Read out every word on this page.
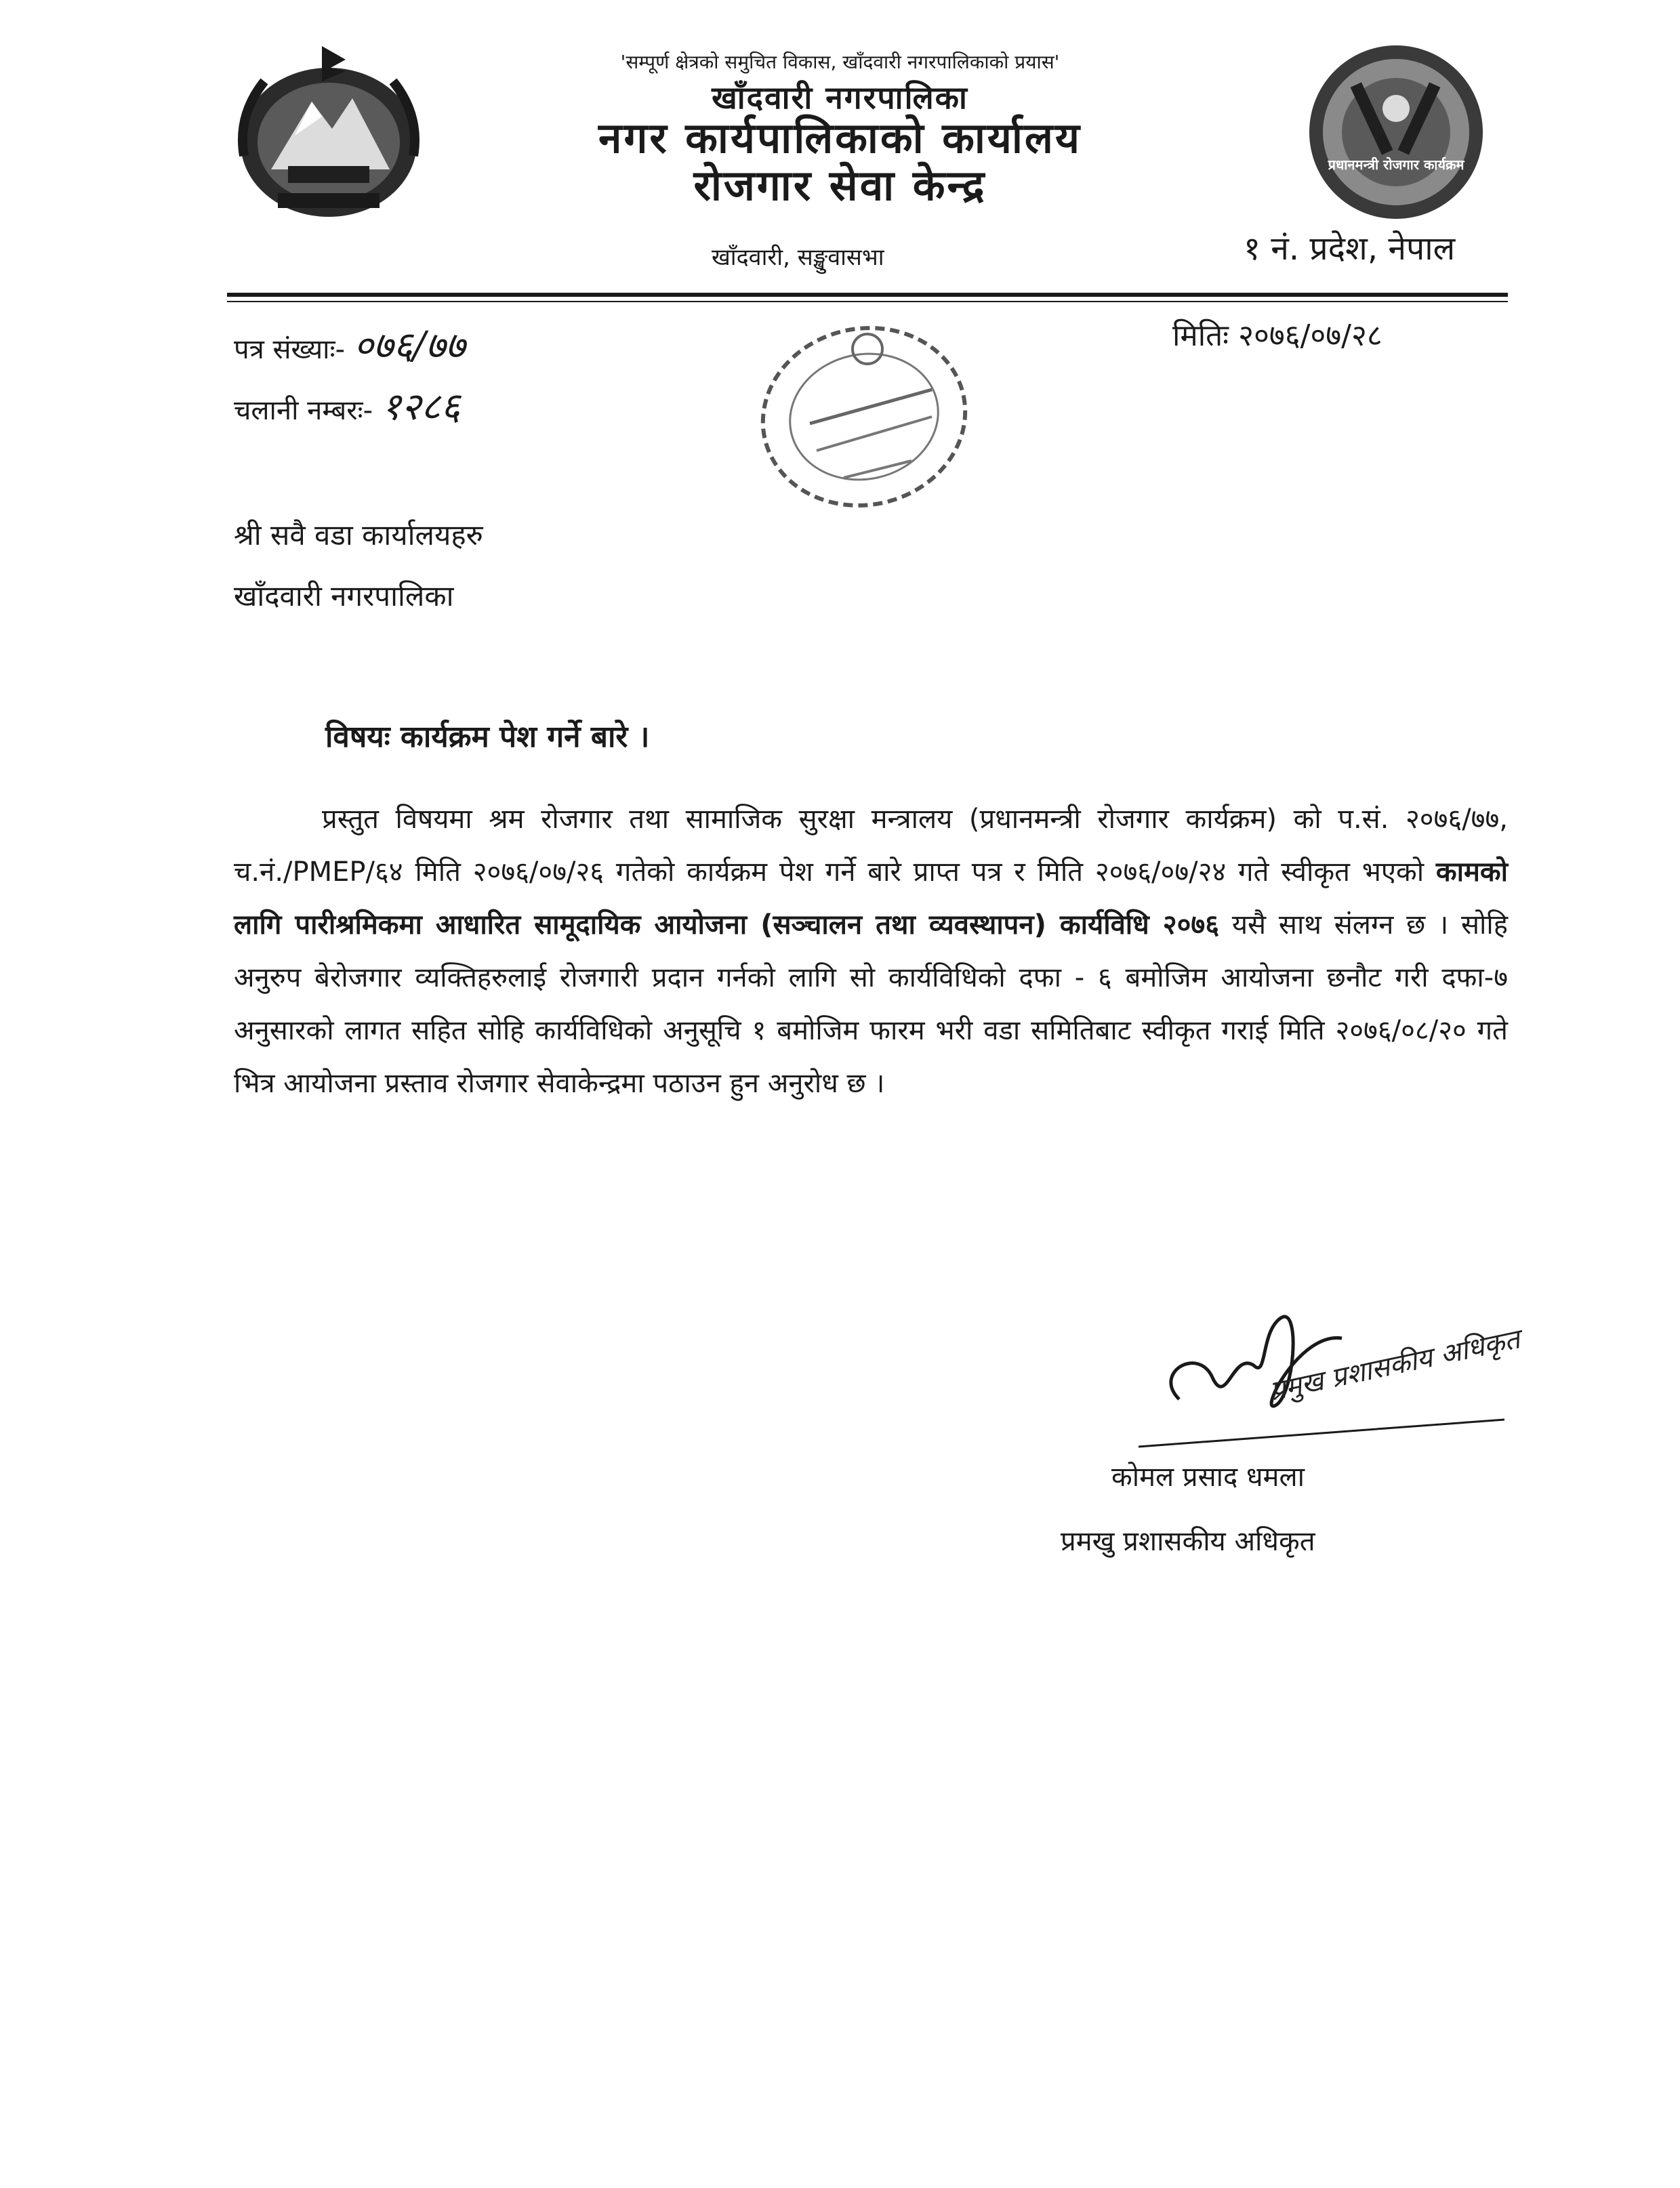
प्रधानमन्त्री रोजगार कार्यक्रम
'सम्पूर्ण क्षेत्रको समुचित विकास, खाँदवारी नगरपालिकाको प्रयास'
खाँदवारी नगरपालिका
नगर कार्यपालिकाको कार्यालय
रोजगार सेवा केन्द्र
खाँदवारी, सङ्खुवासभा	१ नं. प्रदेश, नेपाल
पत्र संख्याः- ०७६/७७
चलानी नम्बरः- १२८६
मितिः २०७६/०७/२८
श्री सवै वडा कार्यालयहरु
खाँदवारी नगरपालिका
विषयः कार्यक्रम पेश गर्ने बारे ।
प्रस्तुत विषयमा श्रम रोजगार तथा सामाजिक सुरक्षा मन्त्रालय (प्रधानमन्त्री रोजगार कार्यक्रम) को प.सं. २०७६/७७, च.नं./PMEP/६४ मिति २०७६/०७/२६ गतेको कार्यक्रम पेश गर्ने बारे प्राप्त पत्र र मिति २०७६/०७/२४ गते स्वीकृत भएको कामको लागि पारीश्रमिकमा आधारित सामूदायिक आयोजना (सञ्चालन तथा व्यवस्थापन) कार्यविधि २०७६ यसै साथ संलग्न छ । सोहि अनुरुप बेरोजगार व्यक्तिहरुलाई रोजगारी प्रदान गर्नको लागि सो कार्यविधिको दफा - ६ बमोजिम आयोजना छनौट गरी दफा-७ अनुसारको लागत सहित सोहि कार्यविधिको अनुसूचि १ बमोजिम फारम भरी वडा समितिबाट स्वीकृत गराई मिति २०७६/०८/२० गते भित्र आयोजना प्रस्ताव रोजगार सेवाकेन्द्रमा पठाउन हुन अनुरोध छ ।
प्रमुख प्रशासकीय अधिकृत
कोमल प्रसाद धमला
प्रमखु प्रशासकीय अधिकृत
